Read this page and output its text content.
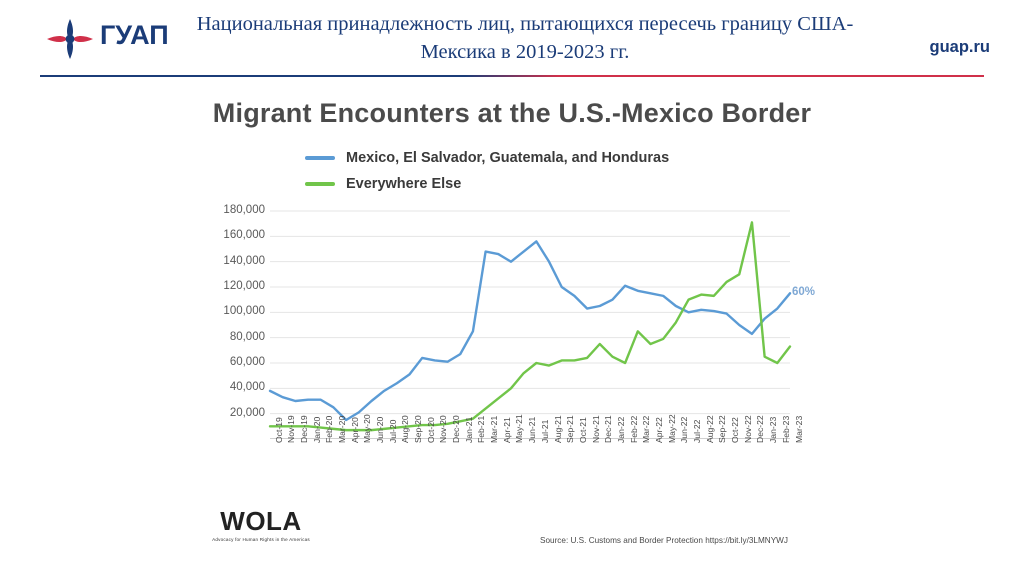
ГУАП	Национальная принадлежность лиц, пытающихся пересечь границу США-Мексика в 2019-2023 гг.	guap.ru
Migrant Encounters at the U.S.-Mexico Border
Mexico, El Salvador, Guatemala, and Honduras
Everywhere Else
20,000
40,000
60,000
80,000
100,000
120,000
140,000
160,000
180,000
Oct-19 Nov-19 Dec-19 Jan-20 Feb-20 Mar-20 Apr-20 May-20 Jun-20 Jul-20 Aug-20 Sep-20 Oct-20 Nov-20 Dec-20 Jan-21 Feb-21 Mar-21 Apr-21 May-21 Jun-21 Jul-21 Aug-21 Sep-21 Oct-21 Nov-21 Dec-21 Jan-22 Feb-22 Mar-22 Apr-22 May-22 Jun-22 Jul-22 Aug-22 Sep-22 Oct-22 Nov-22 Dec-22 Jan-23 Feb-23 Mar-23
60%
WOLA
Advocacy for Human Rights in the Americas	Source: U.S. Customs and Border Protection https://bit.ly/3LMNYWJ
